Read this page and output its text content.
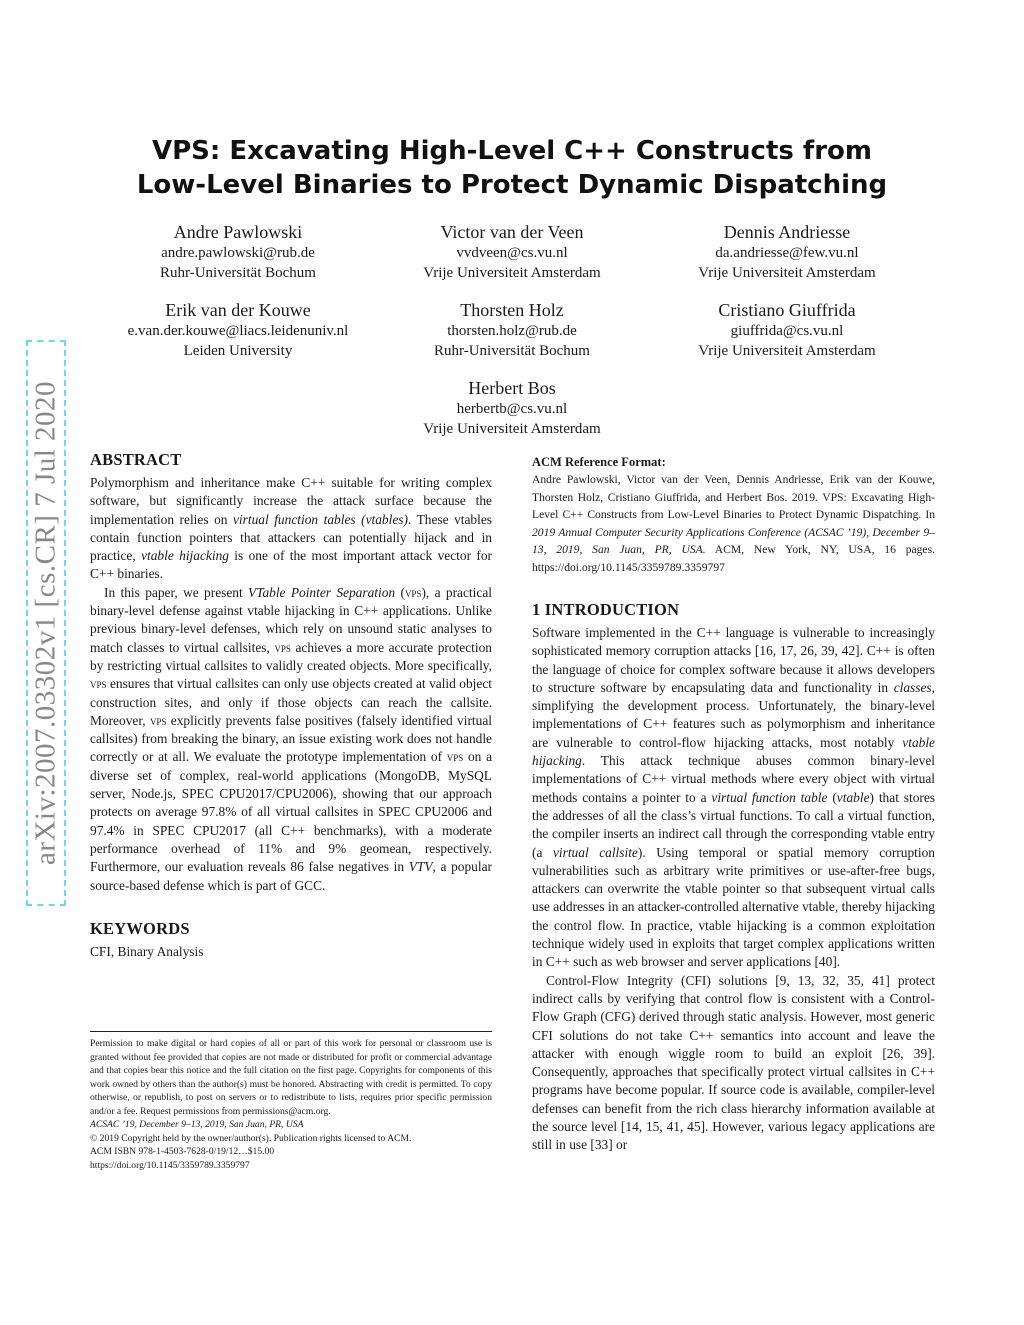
VPS: Excavating High-Level C++ Constructs from
Low-Level Binaries to Protect Dynamic Dispatching
Andre Pawlowski
andre.pawlowski@rub.de
Ruhr-Universität Bochum
Victor van der Veen
vvdveen@cs.vu.nl
Vrije Universiteit Amsterdam
Dennis Andriesse
da.andriesse@few.vu.nl
Vrije Universiteit Amsterdam
Erik van der Kouwe
e.van.der.kouwe@liacs.leidenuniv.nl
Leiden University
Thorsten Holz
thorsten.holz@rub.de
Ruhr-Universität Bochum
Cristiano Giuffrida
giuffrida@cs.vu.nl
Vrije Universiteit Amsterdam
Herbert Bos
herbertb@cs.vu.nl
Vrije Universiteit Amsterdam
arXiv:2007.03302v1 [cs.CR] 7 Jul 2020 ABSTRACT

Polymorphism and inheritance make C++ suitable for writing complex software, but significantly increase the attack surface because the implementation relies on virtual function tables (vtables). These vtables contain function pointers that attackers can potentially hijack and in practice, vtable hijacking is one of the most important attack vector for C++ binaries.

In this paper, we present VTable Pointer Separation (vps), a practical binary-level defense against vtable hijacking in C++ applications. Unlike previous binary-level defenses, which rely on unsound static analyses to match classes to virtual callsites, vps achieves a more accurate protection by restricting virtual callsites to validly created objects. More specifically, vps ensures that virtual callsites can only use objects created at valid object construction sites, and only if those objects can reach the callsite. Moreover, vps explicitly prevents false positives (falsely identified virtual callsites) from breaking the binary, an issue existing work does not handle correctly or at all. We evaluate the prototype implementation of vps on a diverse set of complex, real-world applications (MongoDB, MySQL server, Node.js, SPEC CPU2017/CPU2006), showing that our approach protects on average 97.8% of all virtual callsites in SPEC CPU2006 and 97.4% in SPEC CPU2017 (all C++ benchmarks), with a moderate performance overhead of 11% and 9% geomean, respectively. Furthermore, our evaluation reveals 86 false negatives in VTV, a popular source-based defense which is part of GCC.

KEYWORDS

CFI, Binary Analysis

Permission to make digital or hard copies of all or part of this work for personal or classroom use is granted without fee provided that copies are not made or distributed for profit or commercial advantage and that copies bear this notice and the full citation on the first page. Copyrights for components of this work owned by others than the author(s) must be honored. Abstracting with credit is permitted. To copy otherwise, or republish, to post on servers or to redistribute to lists, requires prior specific permission and/or a fee. Request permissions from permissions@acm.org.

ACSAC ’19, December 9–13, 2019, San Juan, PR, USA

© 2019 Copyright held by the owner/author(s). Publication rights licensed to ACM.

ACM ISBN 978-1-4503-7628-0/19/12…$15.00

https://doi.org/10.1145/3359789.3359797

ACM Reference Format:

Andre Pawlowski, Victor van der Veen, Dennis Andriesse, Erik van der Kouwe, Thorsten Holz, Cristiano Giuffrida, and Herbert Bos. 2019. VPS: Excavating High-Level C++ Constructs from Low-Level Binaries to Protect Dynamic Dispatching. In 2019 Annual Computer Security Applications Conference (ACSAC ’19), December 9–13, 2019, San Juan, PR, USA. ACM, New York, NY, USA, 16 pages. https://doi.org/10.1145/3359789.3359797

1 INTRODUCTION

Software implemented in the C++ language is vulnerable to increasingly sophisticated memory corruption attacks [16, 17, 26, 39, 42]. C++ is often the language of choice for complex software because it allows developers to structure software by encapsulating data and functionality in classes, simplifying the development process. Unfortunately, the binary-level implementations of C++ features such as polymorphism and inheritance are vulnerable to control-flow hijacking attacks, most notably vtable hijacking. This attack technique abuses common binary-level implementations of C++ virtual methods where every object with virtual methods contains a pointer to a virtual function table (vtable) that stores the addresses of all the class’s virtual functions. To call a virtual function, the compiler inserts an indirect call through the corresponding vtable entry (a virtual callsite). Using temporal or spatial memory corruption vulnerabilities such as arbitrary write primitives or use-after-free bugs, attackers can overwrite the vtable pointer so that subsequent virtual calls use addresses in an attacker-controlled alternative vtable, thereby hijacking the control flow. In practice, vtable hijacking is a common exploitation technique widely used in exploits that target complex applications written in C++ such as web browser and server applications [40].

Control-Flow Integrity (CFI) solutions [9, 13, 32, 35, 41] protect indirect calls by verifying that control flow is consistent with a Control-Flow Graph (CFG) derived through static analysis. However, most generic CFI solutions do not take C++ semantics into account and leave the attacker with enough wiggle room to build an exploit [26, 39]. Consequently, approaches that specifically protect virtual callsites in C++ programs have become popular. If source code is available, compiler-level defenses can benefit from the rich class hierarchy information available at the source level [14, 15, 41, 45]. However, various legacy applications are still in use [33] or
